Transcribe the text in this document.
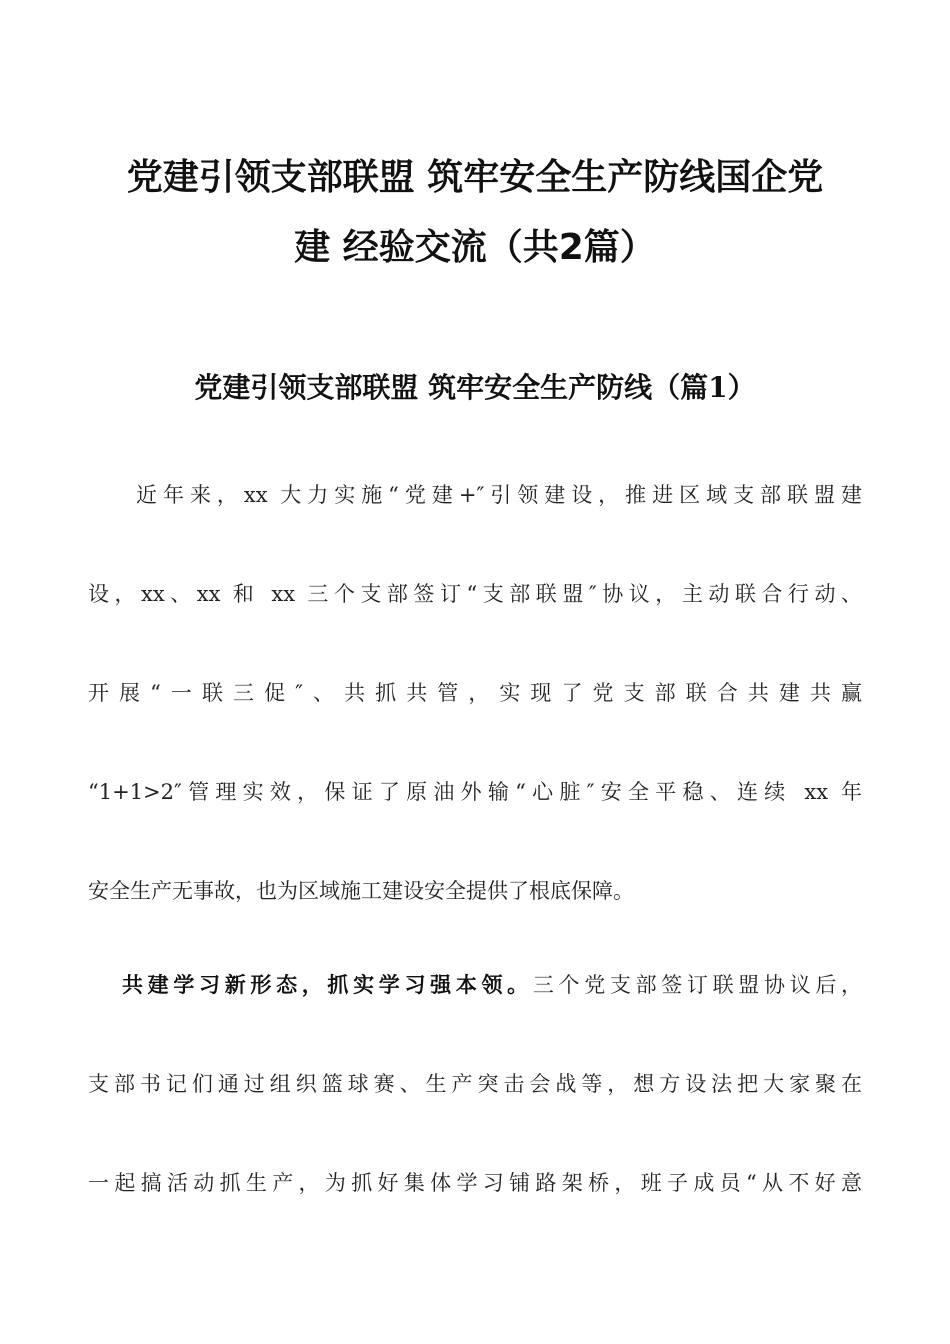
党建引领支部联盟 筑牢安全生产防线国企党
建 经验交流（共2篇）
党建引领支部联盟 筑牢安全生产防线（篇1）
近年来，xx 大力实施“党建+″引领建设，推进区域支部联盟建
设，xx、xx 和 xx 三个支部签订“支部联盟″协议，主动联合行动、
开展“一联三促″、共抓共管，实现了党支部联合共建共赢
“1+1>2″管理实效，保证了原油外输“心脏″安全平稳、连续 xx 年
安全生产无事故，也为区域施工建设安全提供了根底保障。
共建学习新形态，抓实学习强本领。三个党支部签订联盟协议后，
支部书记们通过组织篮球赛、生产突击会战等，想方设法把大家聚在
一起搞活动抓生产，为抓好集体学习铺路架桥，班子成员“从不好意
